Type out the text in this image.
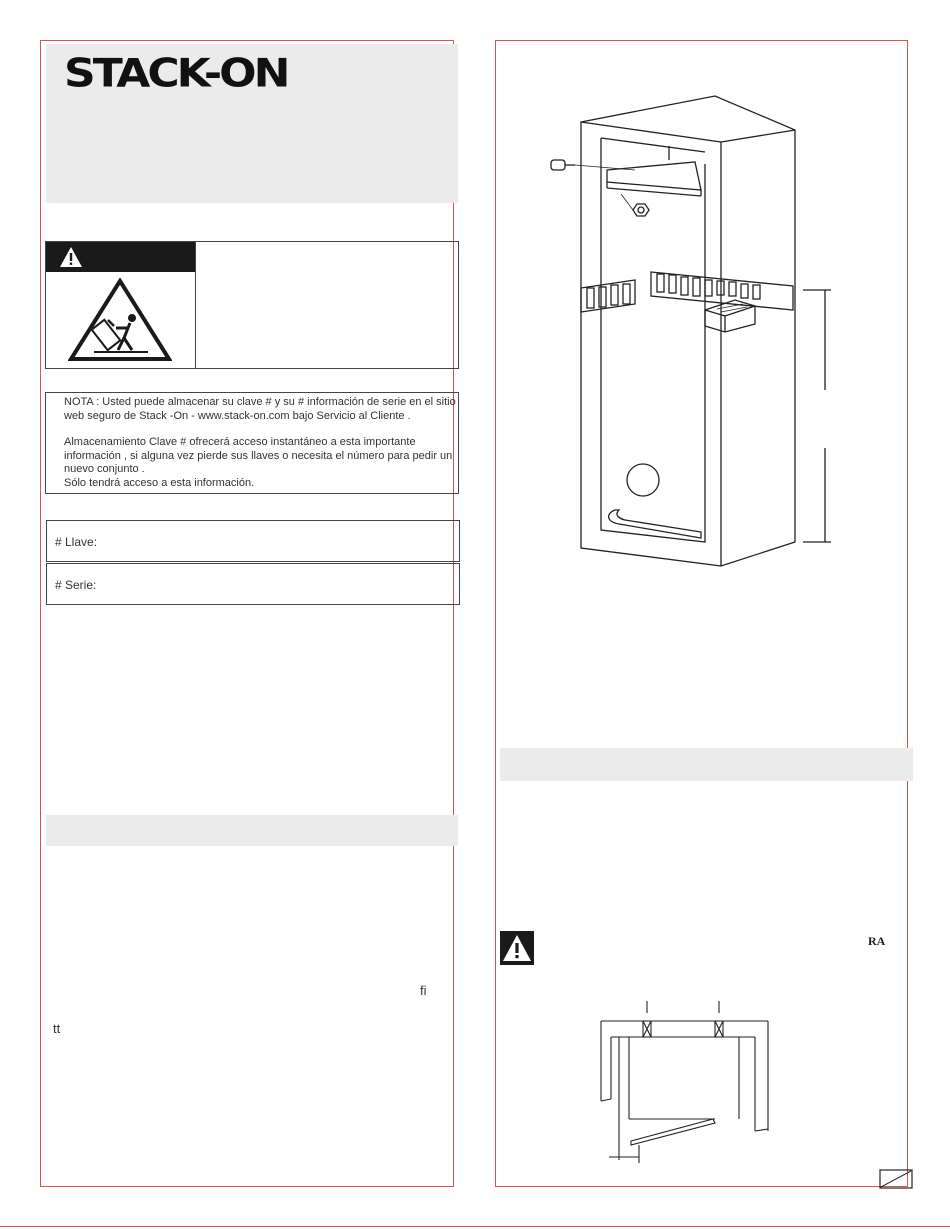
STACK-ON

NOTA : Usted puede almacenar su clave # y su # información de serie en el sitio web seguro de Stack -On - www.stack-on.com bajo Servicio al Cliente .

Almacenamiento Clave # ofrecerá acceso instantáneo a esta importante información , si alguna vez pierde sus llaves o necesita el número para pedir un nuevo conjunto .

Sólo tendrá acceso a esta información.

# Llave:
# Serie:
ﬁ
tt
RA
